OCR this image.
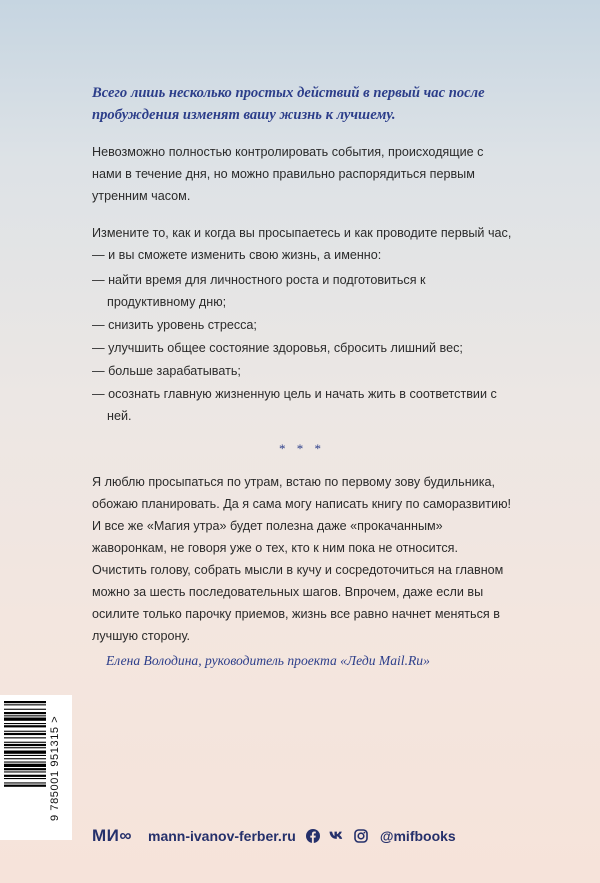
Всего лишь несколько простых действий в первый час после пробуждения изменят вашу жизнь к лучшему.

Невозможно полностью контролировать события, происходящие с нами в течение дня, но можно правильно распорядиться первым утренним часом.

Измените то, как и когда вы просыпаетесь и как проводите первый час, — и вы сможете изменить свою жизнь, а именно:

— найти время для личностного роста и подготовиться к продуктивному дню;
— снизить уровень стресса;
— улучшить общее состояние здоровья, сбросить лишний вес;
— больше зарабатывать;
— осознать главную жизненную цель и начать жить в соответствии с ней.
* * *

Я люблю просыпаться по утрам, встаю по первому зову будильника, обожаю планировать. Да я сама могу написать книгу по саморазвитию! И все же «Магия утра» будет полезна даже «прокачанным» жаворонкам, не говоря уже о тех, кто к ним пока не относится. Очистить голову, собрать мысли в кучу и сосредоточиться на главном можно за шесть последовательных шагов. Впрочем, даже если вы осилите только парочку приемов, жизнь все равно начнет меняться в лучшую сторону.

Елена Володина, руководитель проекта «Леди Mail.Ru»

9 785001 951315 >
МИ∞ mann-ivanov-ferber.ru	@mifbooks
